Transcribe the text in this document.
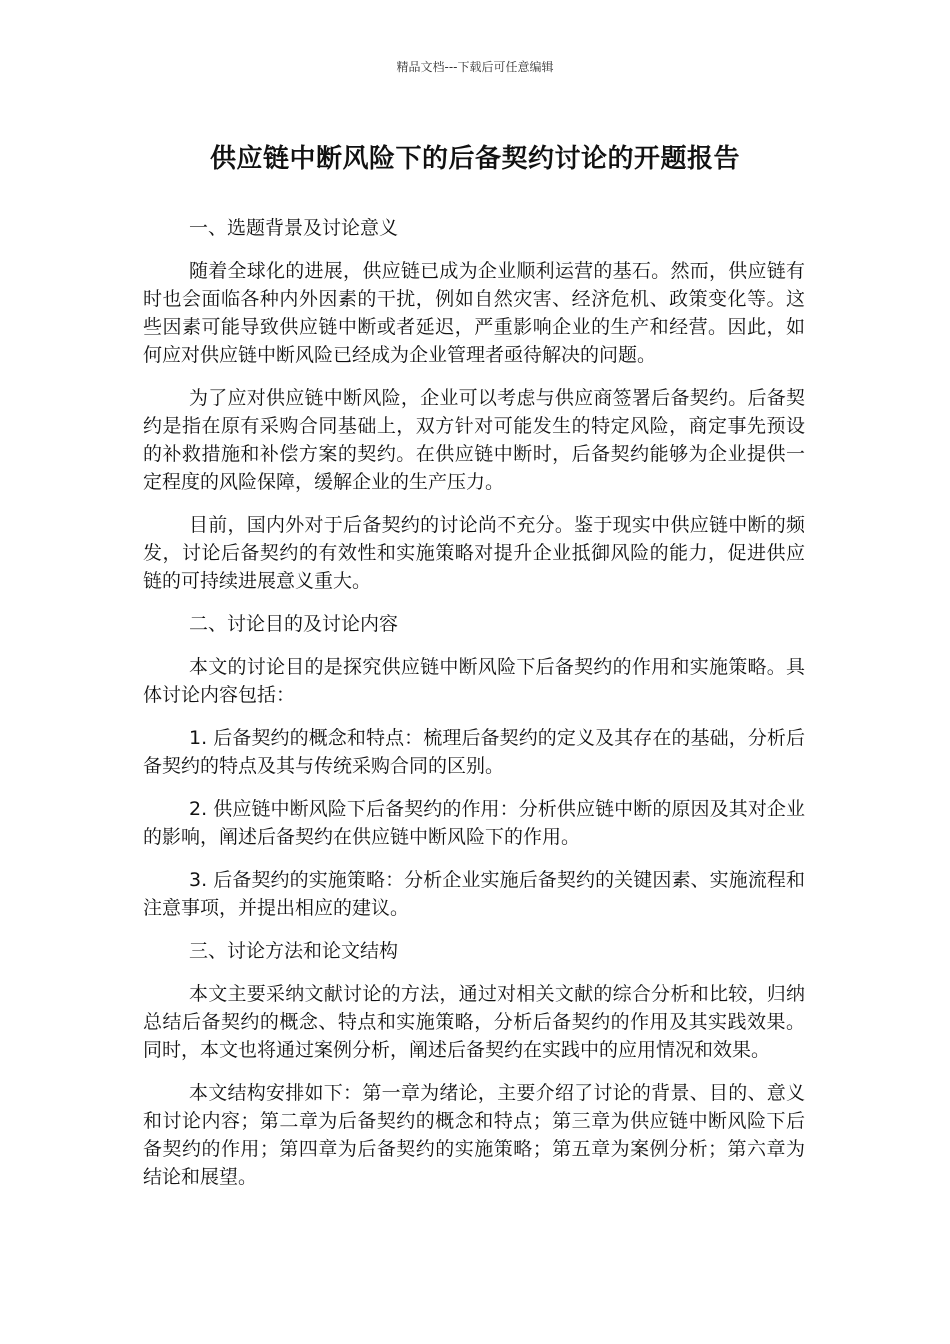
精品文档---下载后可任意编辑
供应链中断风险下的后备契约讨论的开题报告

一、选题背景及讨论意义

随着全球化的进展，供应链已成为企业顺利运营的基石。然而，供应链有时也会面临各种内外因素的干扰，例如自然灾害、经济危机、政策变化等。这些因素可能导致供应链中断或者延迟，严重影响企业的生产和经营。因此，如何应对供应链中断风险已经成为企业管理者亟待解决的问题。

为了应对供应链中断风险，企业可以考虑与供应商签署后备契约。后备契约是指在原有采购合同基础上，双方针对可能发生的特定风险，商定事先预设的补救措施和补偿方案的契约。在供应链中断时，后备契约能够为企业提供一定程度的风险保障，缓解企业的生产压力。

目前，国内外对于后备契约的讨论尚不充分。鉴于现实中供应链中断的频发，讨论后备契约的有效性和实施策略对提升企业抵御风险的能力，促进供应链的可持续进展意义重大。

二、讨论目的及讨论内容

本文的讨论目的是探究供应链中断风险下后备契约的作用和实施策略。具体讨论内容包括：

1. 后备契约的概念和特点：梳理后备契约的定义及其存在的基础，分析后备契约的特点及其与传统采购合同的区别。

2. 供应链中断风险下后备契约的作用：分析供应链中断的原因及其对企业的影响，阐述后备契约在供应链中断风险下的作用。

3. 后备契约的实施策略：分析企业实施后备契约的关键因素、实施流程和注意事项，并提出相应的建议。

三、讨论方法和论文结构

本文主要采纳文献讨论的方法，通过对相关文献的综合分析和比较，归纳总结后备契约的概念、特点和实施策略，分析后备契约的作用及其实践效果。同时，本文也将通过案例分析，阐述后备契约在实践中的应用情况和效果。

本文结构安排如下：第一章为绪论，主要介绍了讨论的背景、目的、意义和讨论内容；第二章为后备契约的概念和特点；第三章为供应链中断风险下后备契约的作用；第四章为后备契约的实施策略；第五章为案例分析；第六章为结论和展望。
